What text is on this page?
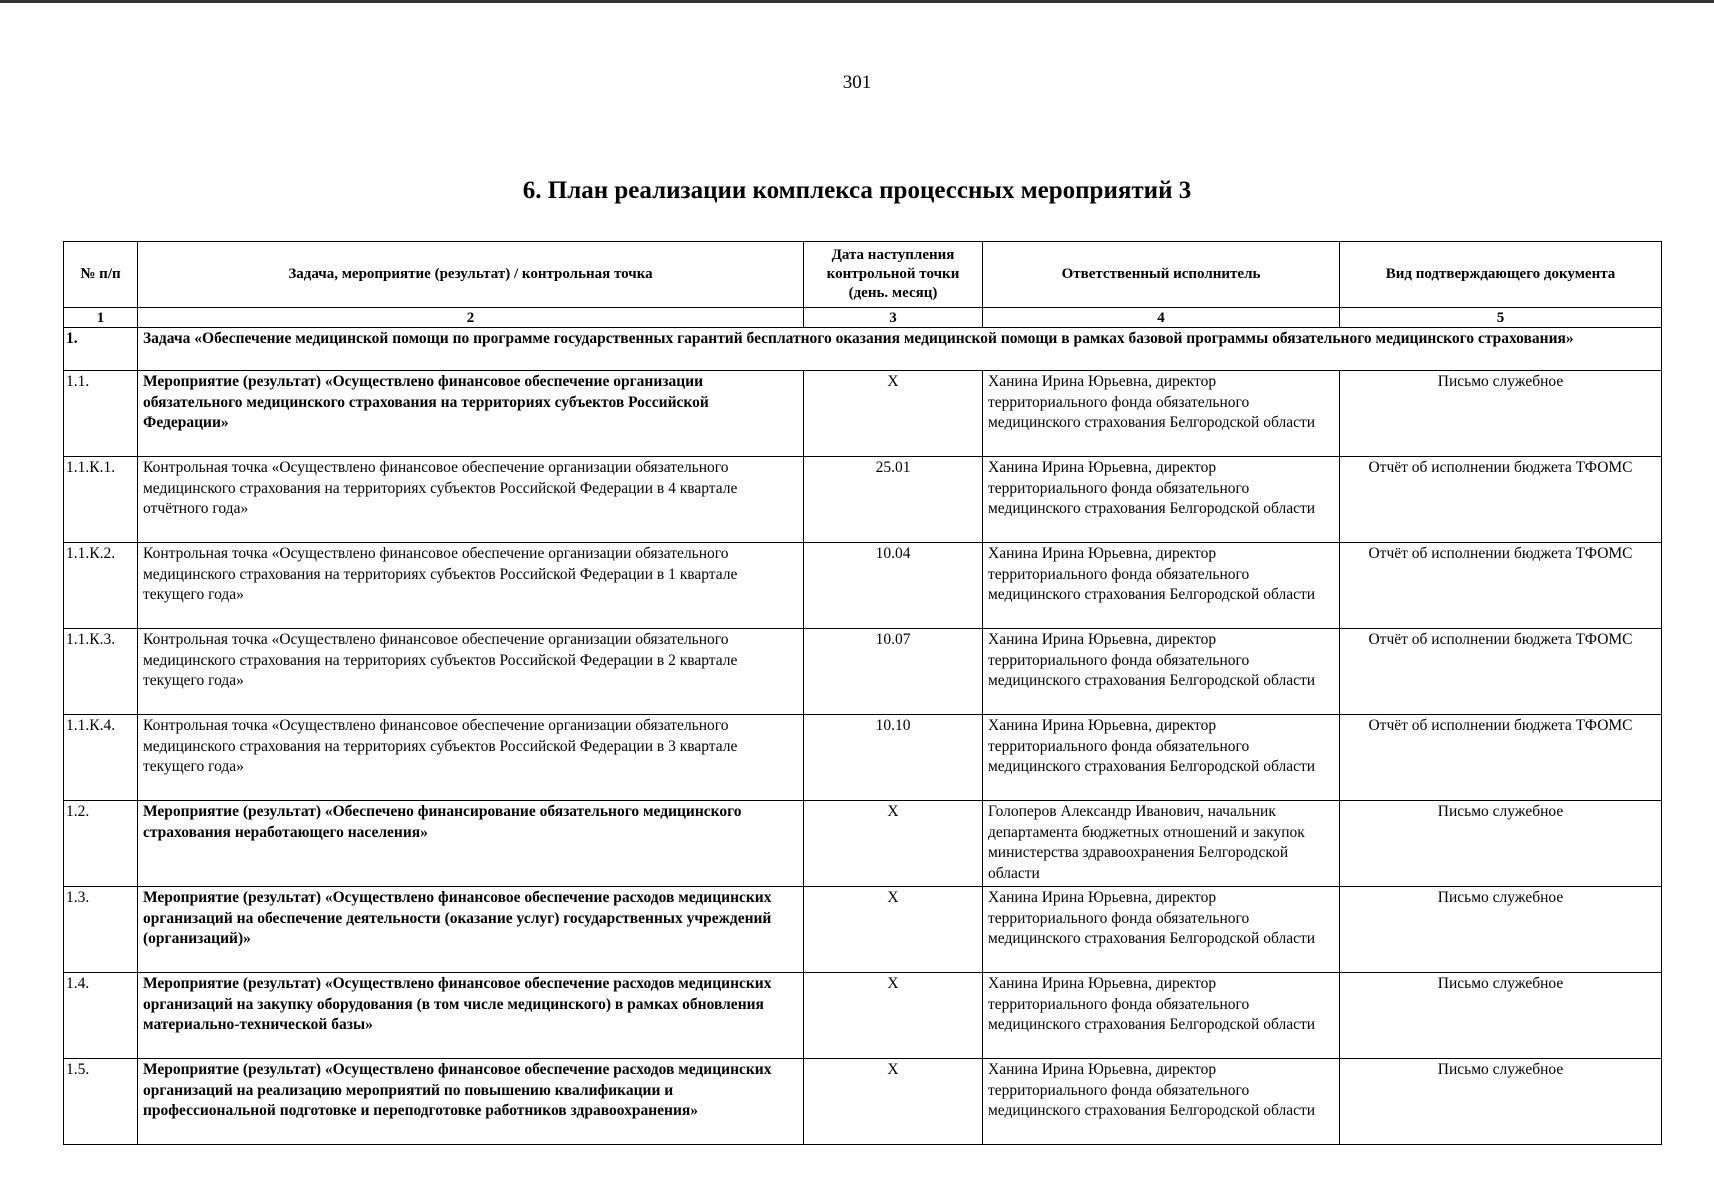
301
6. План реализации комплекса процессных мероприятий 3
№ п/п	Задача, мероприятие (результат) / контрольная точка	Дата наступления контрольной точки (день. месяц)	Ответственный исполнитель	Вид подтверждающего документа
1	2	3	4	5
1.	Задача «Обеспечение медицинской помощи по программе государственных гарантий бесплатного оказания медицинской помощи в рамках базовой программы обязательного медицинского страхования»			
1.1.	Мероприятие (результат) «Осуществлено финансовое обеспечение организации обязательного медицинского страхования на территориях субъектов Российской Федерации»	Х	Ханина Ирина Юрьевна, директор территориального фонда обязательного медицинского страхования Белгородской области	Письмо служебное
1.1.К.1.	Контрольная точка «Осуществлено финансовое обеспечение организации обязательного медицинского страхования на территориях субъектов Российской Федерации в 4 квартале отчётного года»	25.01	Ханина Ирина Юрьевна, директор территориального фонда обязательного медицинского страхования Белгородской области	Отчёт об исполнении бюджета ТФОМС
1.1.К.2.	Контрольная точка «Осуществлено финансовое обеспечение организации обязательного медицинского страхования на территориях субъектов Российской Федерации в 1 квартале текущего года»	10.04	Ханина Ирина Юрьевна, директор территориального фонда обязательного медицинского страхования Белгородской области	Отчёт об исполнении бюджета ТФОМС
1.1.К.3.	Контрольная точка «Осуществлено финансовое обеспечение организации обязательного медицинского страхования на территориях субъектов Российской Федерации в 2 квартале текущего года»	10.07	Ханина Ирина Юрьевна, директор территориального фонда обязательного медицинского страхования Белгородской области	Отчёт об исполнении бюджета ТФОМС
1.1.К.4.	Контрольная точка «Осуществлено финансовое обеспечение организации обязательного медицинского страхования на территориях субъектов Российской Федерации в 3 квартале текущего года»	10.10	Ханина Ирина Юрьевна, директор территориального фонда обязательного медицинского страхования Белгородской области	Отчёт об исполнении бюджета ТФОМС
1.2.	Мероприятие (результат) «Обеспечено финансирование обязательного медицинского страхования неработающего населения»	Х	Голоперов Александр Иванович, начальник департамента бюджетных отношений и закупок министерства здравоохранения Белгородской области	Письмо служебное
1.3.	Мероприятие (результат) «Осуществлено финансовое обеспечение расходов медицинских организаций на обеспечение деятельности (оказание услуг) государственных учреждений (организаций)»	Х	Ханина Ирина Юрьевна, директор территориального фонда обязательного медицинского страхования Белгородской области	Письмо служебное
1.4.	Мероприятие (результат) «Осуществлено финансовое обеспечение расходов медицинских организаций на закупку оборудования (в том числе медицинского) в рамках обновления материально-технической базы»	Х	Ханина Ирина Юрьевна, директор территориального фонда обязательного медицинского страхования Белгородской области	Письмо служебное
1.5.	Мероприятие (результат) «Осуществлено финансовое обеспечение расходов медицинских организаций на реализацию мероприятий по повышению квалификации и профессиональной подготовке и переподготовке работников здравоохранения»	Х	Ханина Ирина Юрьевна, директор территориального фонда обязательного медицинского страхования Белгородской области	Письмо служебное
